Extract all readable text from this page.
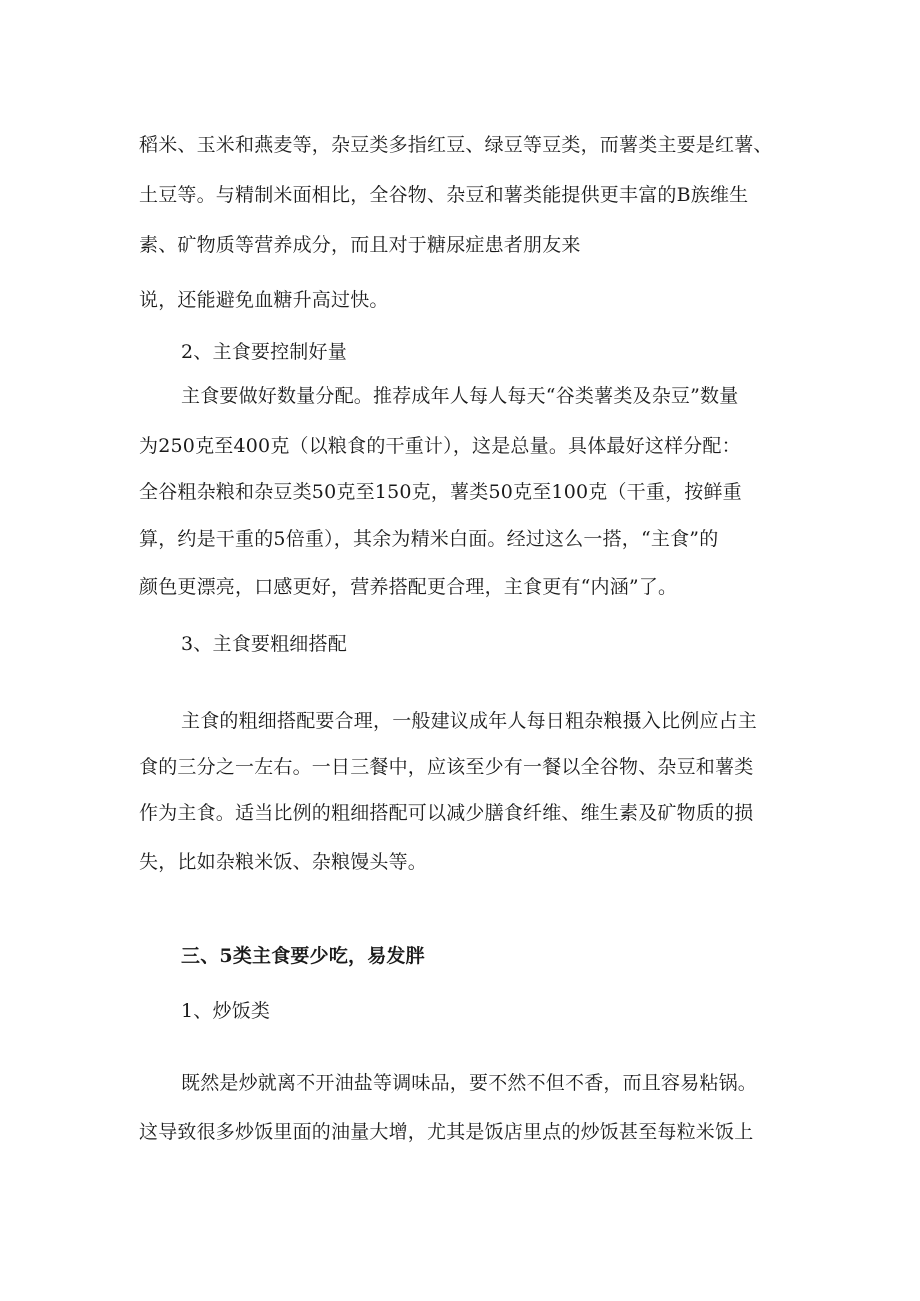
稻米、玉米和燕麦等，杂豆类多指红豆、绿豆等豆类，而薯类主要是红薯、
土豆等。与精制米面相比，全谷物、杂豆和薯类能提供更丰富的B族维生
素、矿物质等营养成分，而且对于糖尿症患者朋友来
说，还能避免血糖升高过快。
2、主食要控制好量
主食要做好数量分配。推荐成年人每人每天“谷类薯类及杂豆”数量
为250克至400克（以粮食的干重计），这是总量。具体最好这样分配：
全谷粗杂粮和杂豆类50克至150克，薯类50克至100克（干重，按鲜重
算，约是干重的5倍重），其余为精米白面。经过这么一搭，“主食”的
颜色更漂亮，口感更好，营养搭配更合理，主食更有“内涵”了。
3、主食要粗细搭配
主食的粗细搭配要合理，一般建议成年人每日粗杂粮摄入比例应占主
食的三分之一左右。一日三餐中，应该至少有一餐以全谷物、杂豆和薯类
作为主食。适当比例的粗细搭配可以减少膳食纤维、维生素及矿物质的损
失，比如杂粮米饭、杂粮馒头等。
三、5类主食要少吃，易发胖
1、炒饭类
既然是炒就离不开油盐等调味品，要不然不但不香，而且容易粘锅。
这导致很多炒饭里面的油量大增，尤其是饭店里点的炒饭甚至每粒米饭上
